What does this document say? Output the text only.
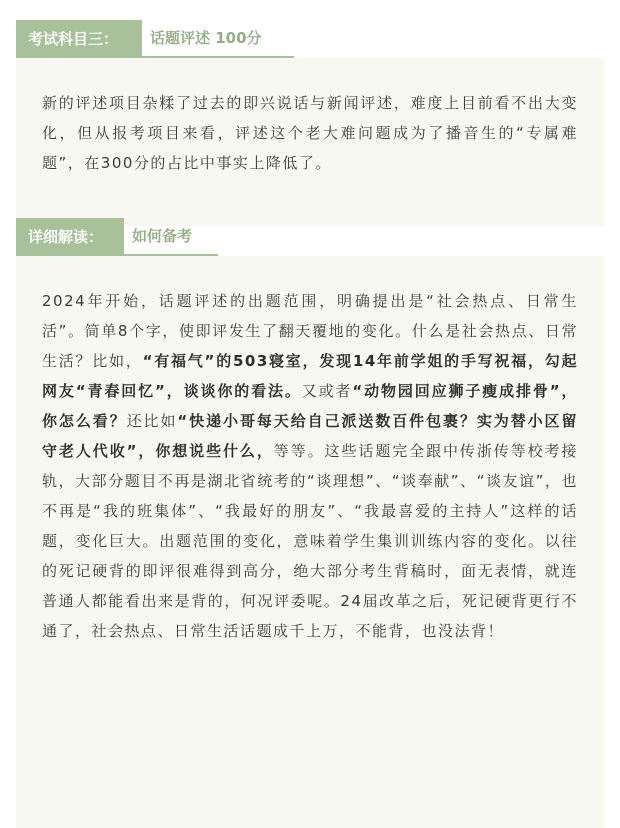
考试科目三：	话题评述 100分
新的评述项目杂糅了过去的即兴说话与新闻评述，难度上目前看不出大变化，但从报考项目来看，评述这个老大难问题成为了播音生的“专属难题”，在300分的占比中事实上降低了。
详细解读：	如何备考
2024年开始，话题评述的出题范围，明确提出是“社会热点、日常生活”。简单8个字，使即评发生了翻天覆地的变化。什么是社会热点、日常生活？比如，“有福气”的503寝室，发现14年前学姐的手写祝福，勾起网友“青春回忆”，谈谈你的看法。又或者“动物园回应狮子瘦成排骨”，你怎么看？还比如“快递小哥每天给自己派送数百件包裹？实为替小区留守老人代收”，你想说些什么，等等。这些话题完全跟中传浙传等校考接轨，大部分题目不再是湖北省统考的“谈理想”、“谈奉献”、“谈友谊”，也不再是“我的班集体”、“我最好的朋友”、“我最喜爱的主持人”这样的话题，变化巨大。出题范围的变化，意味着学生集训训练内容的变化。以往的死记硬背的即评很难得到高分，绝大部分考生背稿时，面无表情，就连普通人都能看出来是背的，何况评委呢。24届改革之后，死记硬背更行不通了，社会热点、日常生活话题成千上万，不能背，也没法背！
